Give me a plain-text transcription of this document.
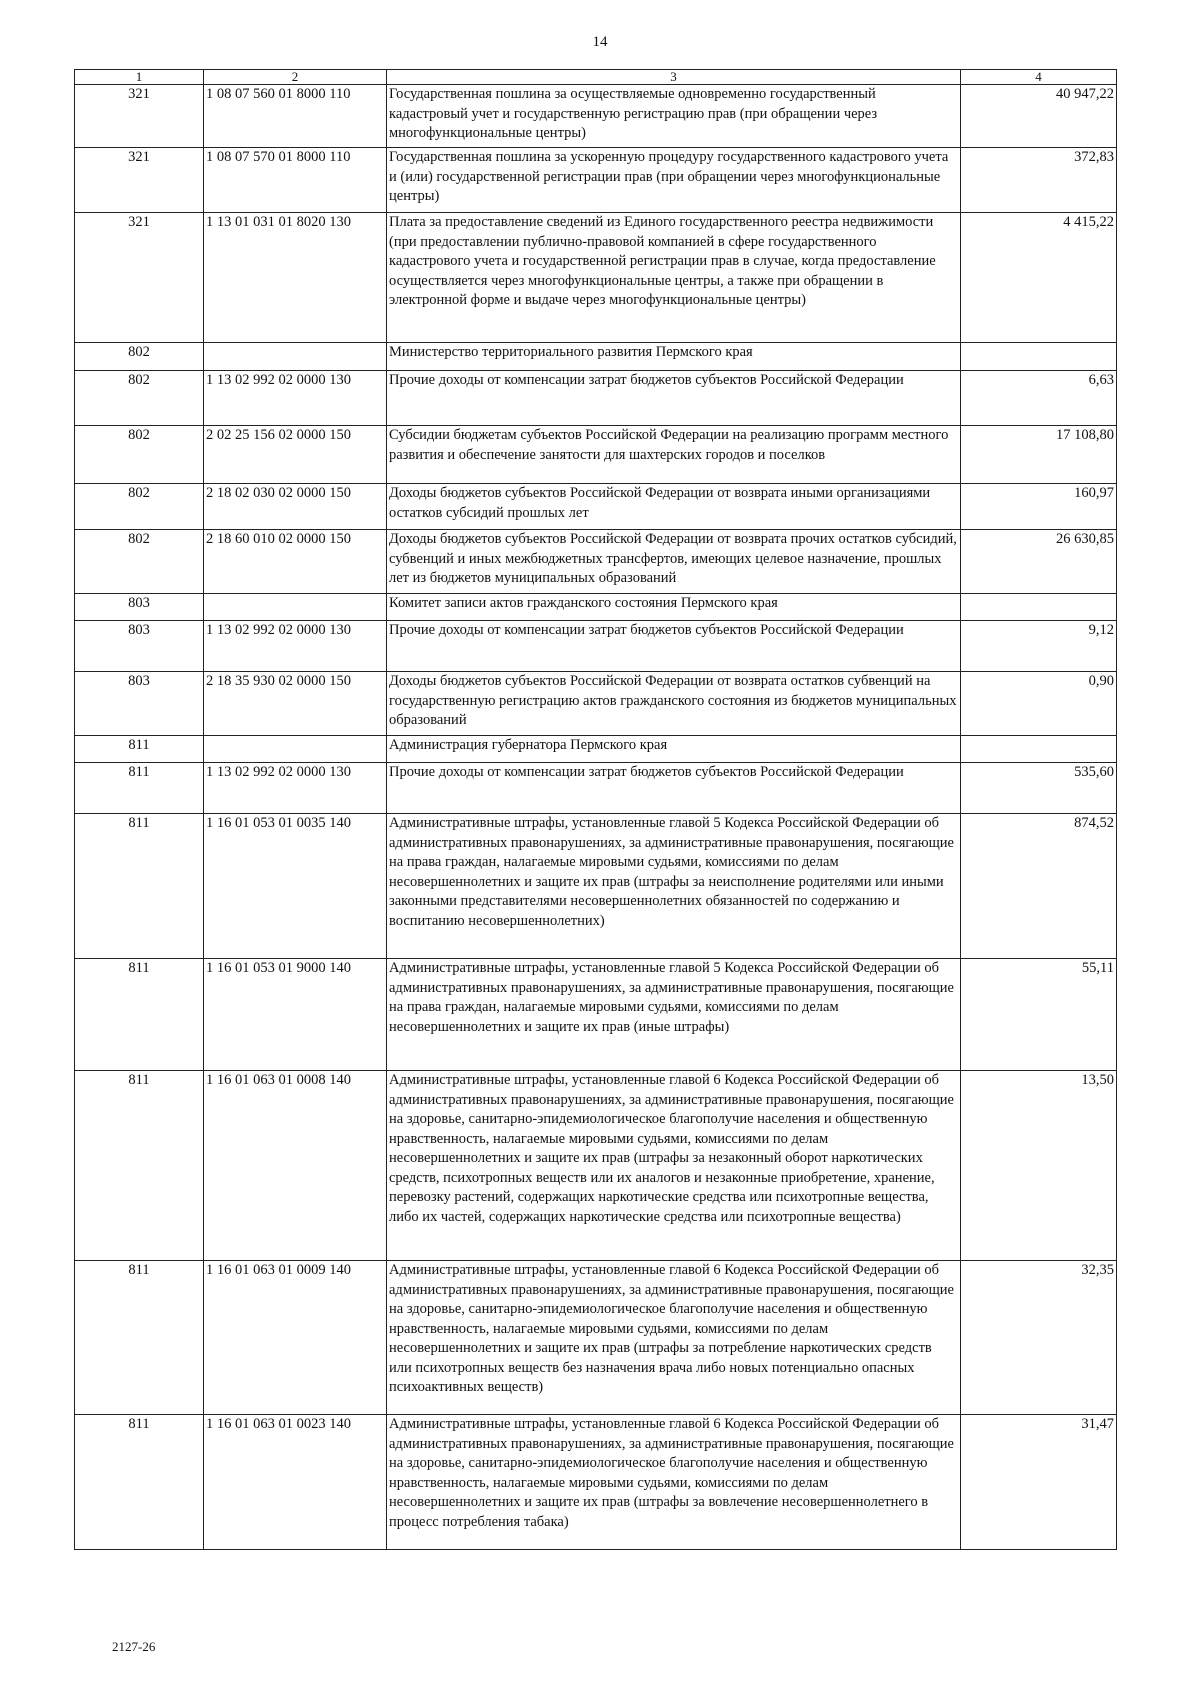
14
1	2	3	4
321	1 08 07 560 01 8000 110	Государственная пошлина за осуществляемые одновременно государственный кадастровый учет и государственную регистрацию прав (при обращении через многофункциональные центры)	40 947,22
321	1 08 07 570 01 8000 110	Государственная пошлина за ускоренную процедуру государственного кадастрового учета и (или) государственной регистрации прав (при обращении через многофункциональные центры)	372,83
321	1 13 01 031 01 8020 130	Плата за предоставление сведений из Единого государственного реестра недвижимости (при предоставлении публично-правовой компанией в сфере государственного кадастрового учета и государственной регистрации прав в случае, когда предоставление осуществляется через многофункциональные центры, а также при обращении в электронной форме и выдаче через многофункциональные центры)	4 415,22
802		Министерство территориального развития Пермского края	
802	1 13 02 992 02 0000 130	Прочие доходы от компенсации затрат бюджетов субъектов Российской Федерации	6,63
802	2 02 25 156 02 0000 150	Субсидии бюджетам субъектов Российской Федерации на реализацию программ местного развития и обеспечение занятости для шахтерских городов и поселков	17 108,80
802	2 18 02 030 02 0000 150	Доходы бюджетов субъектов Российской Федерации от возврата иными организациями остатков субсидий прошлых лет	160,97
802	2 18 60 010 02 0000 150	Доходы бюджетов субъектов Российской Федерации от возврата прочих остатков субсидий, субвенций и иных межбюджетных трансфертов, имеющих целевое назначение, прошлых лет из бюджетов муниципальных образований	26 630,85
803		Комитет записи актов гражданского состояния Пермского края	
803	1 13 02 992 02 0000 130	Прочие доходы от компенсации затрат бюджетов субъектов Российской Федерации	9,12
803	2 18 35 930 02 0000 150	Доходы бюджетов субъектов Российской Федерации от возврата остатков субвенций на государственную регистрацию актов гражданского состояния из бюджетов муниципальных образований	0,90
811		Администрация губернатора Пермского края	
811	1 13 02 992 02 0000 130	Прочие доходы от компенсации затрат бюджетов субъектов Российской Федерации	535,60
811	1 16 01 053 01 0035 140	Административные штрафы, установленные главой 5 Кодекса Российской Федерации об административных правонарушениях, за административные правонарушения, посягающие на права граждан, налагаемые мировыми судьями, комиссиями по делам несовершеннолетних и защите их прав (штрафы за неисполнение родителями или иными законными представителями несовершеннолетних обязанностей по содержанию и воспитанию несовершеннолетних)	874,52
811	1 16 01 053 01 9000 140	Административные штрафы, установленные главой 5 Кодекса Российской Федерации об административных правонарушениях, за административные правонарушения, посягающие на права граждан, налагаемые мировыми судьями, комиссиями по делам несовершеннолетних и защите их прав (иные штрафы)	55,11
811	1 16 01 063 01 0008 140	Административные штрафы, установленные главой 6 Кодекса Российской Федерации об административных правонарушениях, за административные правонарушения, посягающие на здоровье, санитарно-эпидемиологическое благополучие населения и общественную нравственность, налагаемые мировыми судьями, комиссиями по делам несовершеннолетних и защите их прав (штрафы за незаконный оборот наркотических средств, психотропных веществ или их аналогов и незаконные приобретение, хранение, перевозку растений, содержащих наркотические средства или психотропные вещества, либо их частей, содержащих наркотические средства или психотропные вещества)	13,50
811	1 16 01 063 01 0009 140	Административные штрафы, установленные главой 6 Кодекса Российской Федерации об административных правонарушениях, за административные правонарушения, посягающие на здоровье, санитарно-эпидемиологическое благополучие населения и общественную нравственность, налагаемые мировыми судьями, комиссиями по делам несовершеннолетних и защите их прав (штрафы за потребление наркотических средств или психотропных веществ без назначения врача либо новых потенциально опасных психоактивных веществ)	32,35
811	1 16 01 063 01 0023 140	Административные штрафы, установленные главой 6 Кодекса Российской Федерации об административных правонарушениях, за административные правонарушения, посягающие на здоровье, санитарно-эпидемиологическое благополучие населения и общественную нравственность, налагаемые мировыми судьями, комиссиями по делам несовершеннолетних и защите их прав (штрафы за вовлечение несовершеннолетнего в процесс потребления табака)	31,47
2127-26
